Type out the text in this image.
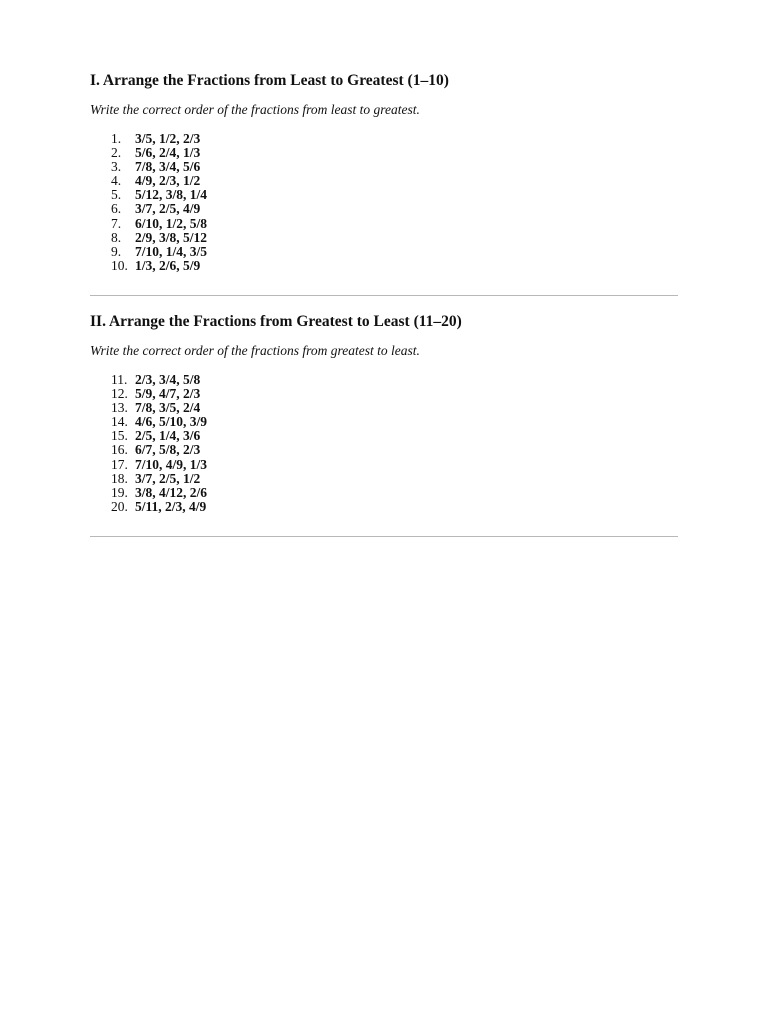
I. Arrange the Fractions from Least to Greatest (1–10)

Write the correct order of the fractions from least to greatest.

1.	3/5, 1/2, 2/3
2.	5/6, 2/4, 1/3
3.	7/8, 3/4, 5/6
4.	4/9, 2/3, 1/2
5.	5/12, 3/8, 1/4
6.	3/7, 2/5, 4/9
7.	6/10, 1/2, 5/8
8.	2/9, 3/8, 5/12
9.	7/10, 1/4, 3/5
10. 1/3, 2/6, 5/9
II. Arrange the Fractions from Greatest to Least (11–20)

Write the correct order of the fractions from greatest to least.

11. 2/3, 3/4, 5/8
12. 5/9, 4/7, 2/3
13. 7/8, 3/5, 2/4
14. 4/6, 5/10, 3/9
15. 2/5, 1/4, 3/6
16. 6/7, 5/8, 2/3
17. 7/10, 4/9, 1/3
18. 3/7, 2/5, 1/2
19. 3/8, 4/12, 2/6
20. 5/11, 2/3, 4/9
